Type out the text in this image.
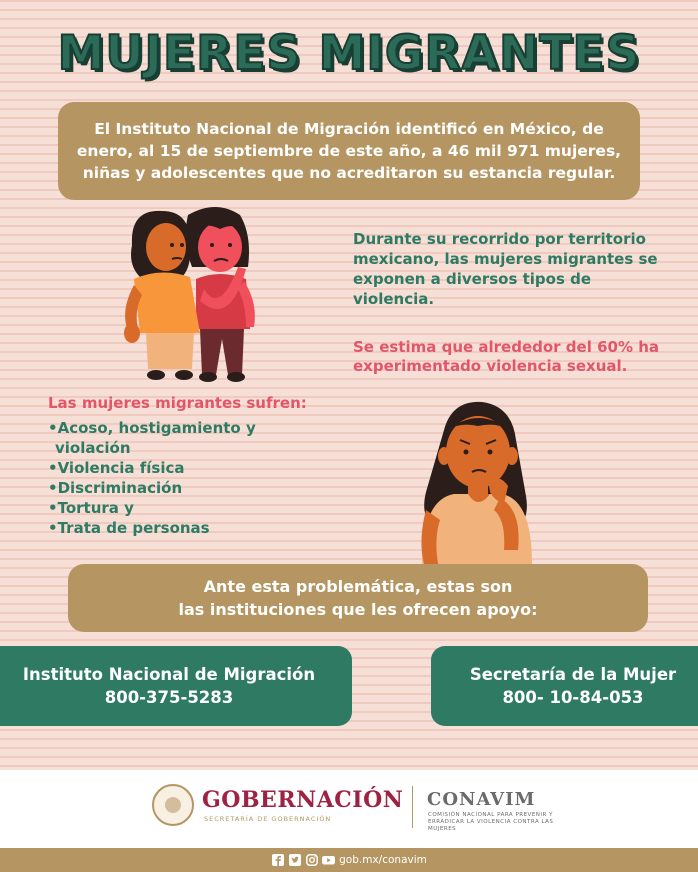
MUJERES MIGRANTES
El Instituto Nacional de Migración identificó en México, de enero, al 15 de septiembre de este año, a 46 mil 971 mujeres, niñas y adolescentes que no acreditaron su estancia regular.
Durante su recorrido por territorio mexicano, las mujeres migrantes se exponen a diversos tipos de violencia.
Se estima que alrededor del 60% ha experimentado violencia sexual.
Las mujeres migrantes sufren:
•Acoso, hostigamiento y violación
•Violencia física
•Discriminación
•Tortura y
•Trata de personas
Ante esta problemática, estas son
las instituciones que les ofrecen apoyo:
Instituto Nacional de Migración
800-375-5283
Secretaría de la Mujer
800- 10-84-053
GOBERNACIÓN
SECRETARÍA DE GOBERNACIÓN
CONAVIM
COMISIÓN NACIONAL PARA PREVENIR Y ERRADICAR LA VIOLENCIA CONTRA LAS MUJERES
gob.mx/conavim
